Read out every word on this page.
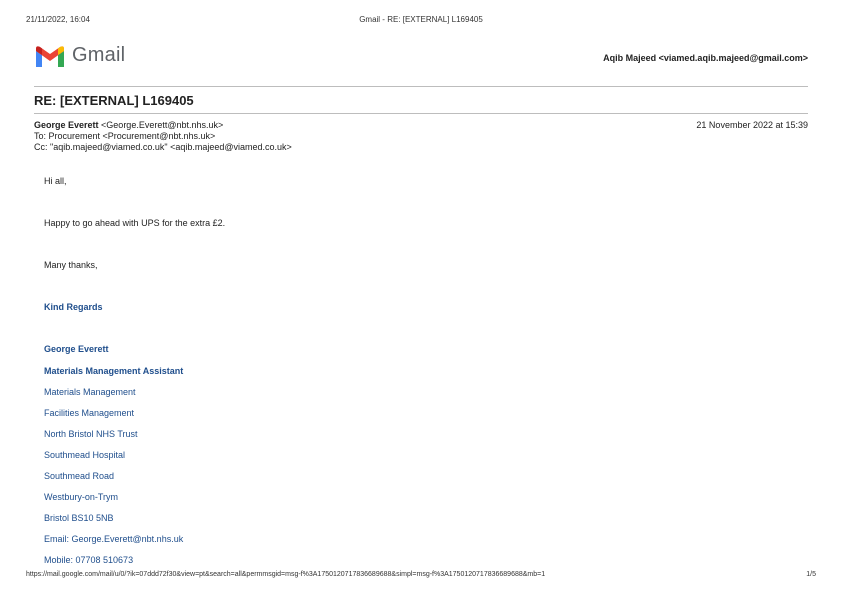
21/11/2022, 16:04	Gmail - RE: [EXTERNAL] L169405
Gmail	Aqib Majeed <viamed.aqib.majeed@gmail.com>
RE: [EXTERNAL] L169405
George Everett <George.Everett@nbt.nhs.uk>	21 November 2022 at 15:39
To: Procurement <Procurement@nbt.nhs.uk>
Cc: "aqib.majeed@viamed.co.uk" <aqib.majeed@viamed.co.uk>
Hi all,
Happy to go ahead with UPS for the extra £2.
Many thanks,
Kind Regards
George Everett
Materials Management Assistant
Materials Management
Facilities Management
North Bristol NHS Trust
Southmead Hospital
Southmead Road
Westbury-on-Trym
Bristol BS10 5NB
Email: George.Everett@nbt.nhs.uk
Mobile: 07708 510673
https://mail.google.com/mail/u/0/?ik=07ddd72f30&view=pt&search=all&permmsgid=msg-f%3A1750120717836689688&simpl=msg-f%3A1750120717836689688&mb=1	1/5
